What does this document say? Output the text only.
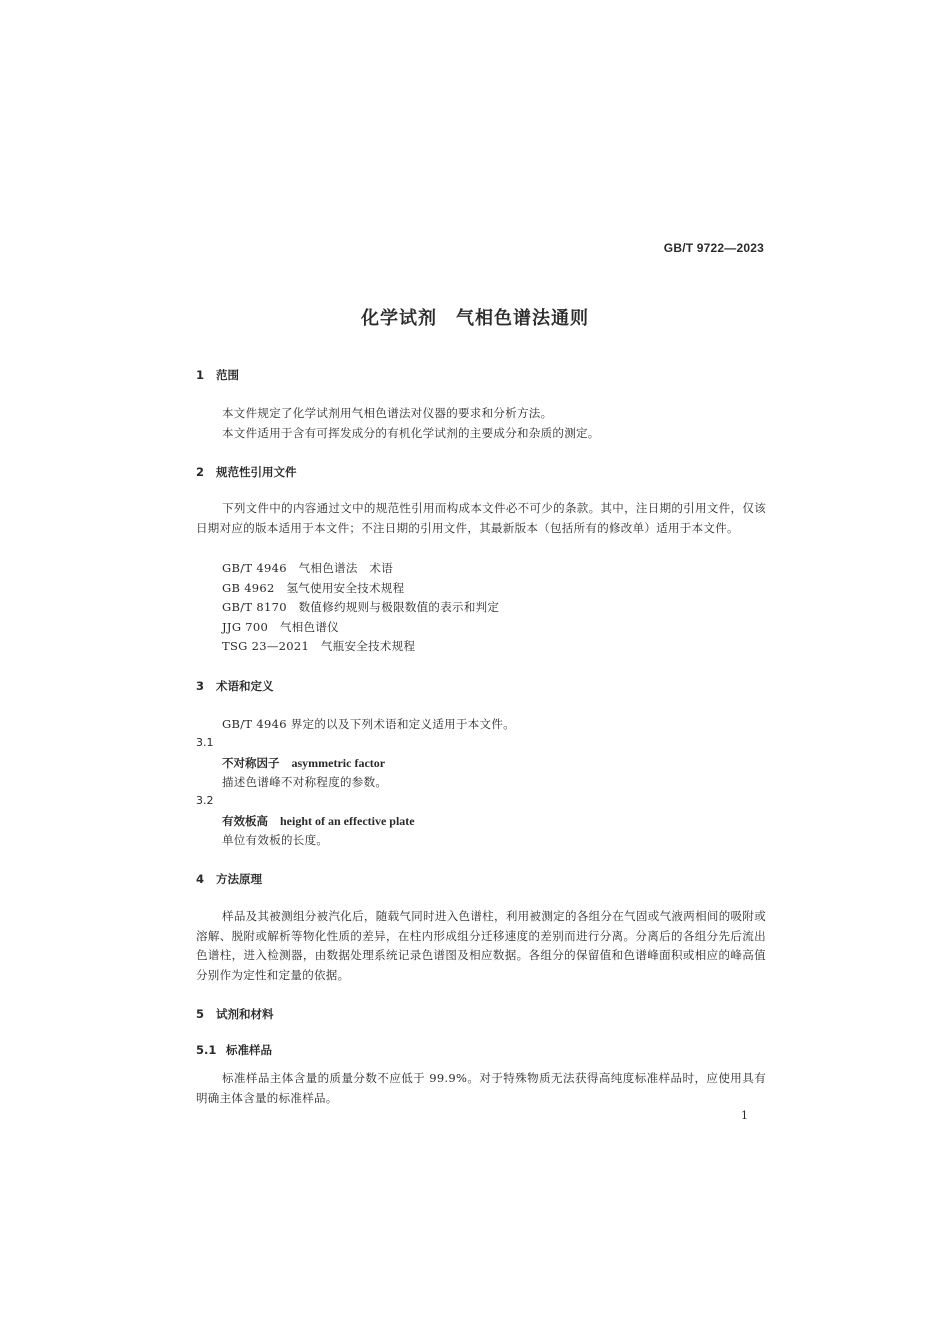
GB/T 9722—2023
化学试剂　气相色谱法通则
1 范围
本文件规定了化学试剂用气相色谱法对仪器的要求和分析方法。
本文件适用于含有可挥发成分的有机化学试剂的主要成分和杂质的测定。
2 规范性引用文件
下列文件中的内容通过文中的规范性引用而构成本文件必不可少的条款。其中，注日期的引用文件，仅该日期对应的版本适用于本文件；不注日期的引用文件，其最新版本（包括所有的修改单）适用于本文件。
GB/T 4946　 气相色谱法　术语
GB 4962　 氢气使用安全技术规程
GB/T 8170　 数值修约规则与极限数值的表示和判定
JJG 700　 气相色谱仪
TSG 23—2021　 气瓶安全技术规程
3 术语和定义
GB/T 4946 界定的以及下列术语和定义适用于本文件。
3.1
不对称因子 asymmetric factor
描述色谱峰不对称程度的参数。
3.2
有效板高 height of an effective plate
单位有效板的长度。
4 方法原理
样品及其被测组分被汽化后，随载气同时进入色谱柱，利用被测定的各组分在气固或气液两相间的吸附或溶解、脱附或解析等物化性质的差异，在柱内形成组分迁移速度的差别而进行分离。分离后的各组分先后流出色谱柱，进入检测器，由数据处理系统记录色谱图及相应数据。各组分的保留值和色谱峰面积或相应的峰高值分别作为定性和定量的依据。
5 试剂和材料
5.1 标准样品
标准样品主体含量的质量分数不应低于 99.9%。对于特殊物质无法获得高纯度标准样品时，应使用具有明确主体含量的标准样品。
1
